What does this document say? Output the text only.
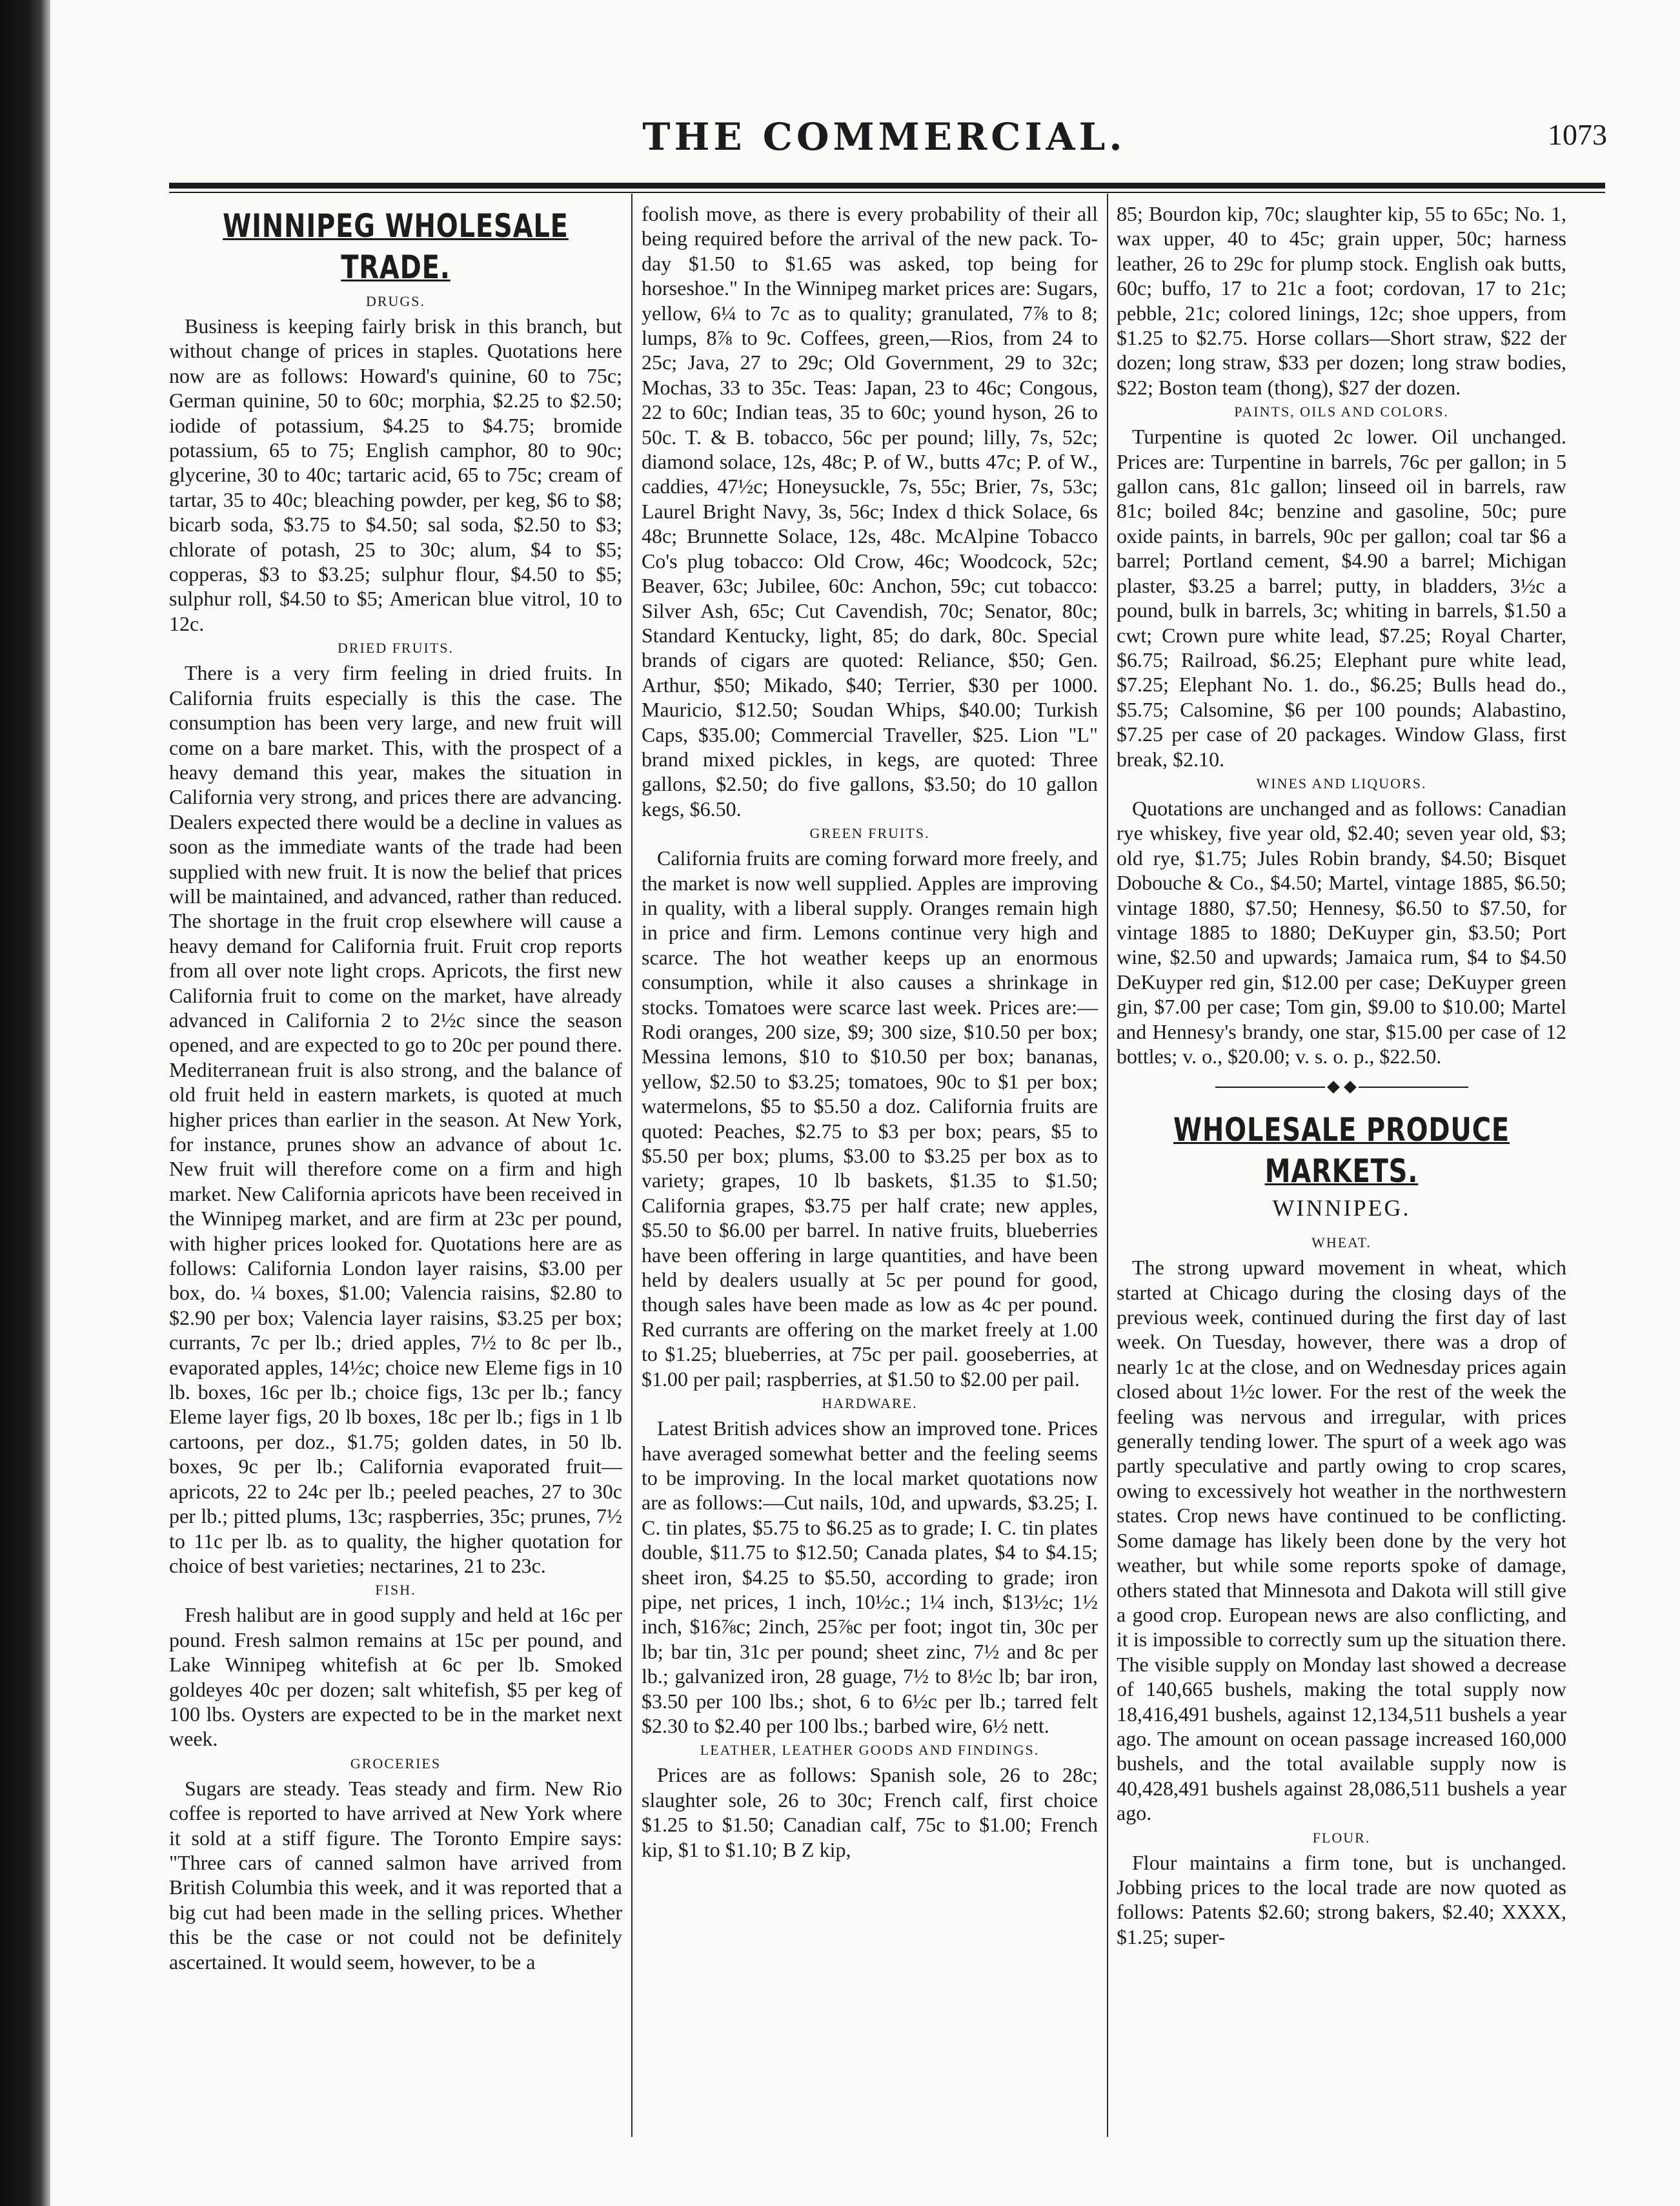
THE COMMERCIAL.	1073
WINNIPEG WHOLESALE TRADE.
DRUGS.

Business is keeping fairly brisk in this branch, but without change of prices in staples. Quotations here now are as follows: Howard's quinine, 60 to 75c; German quinine, 50 to 60c; morphia, $2.25 to $2.50; iodide of potassium, $4.25 to $4.75; bromide potassium, 65 to 75; English camphor, 80 to 90c; glycerine, 30 to 40c; tartaric acid, 65 to 75c; cream of tartar, 35 to 40c; bleaching powder, per keg, $6 to $8; bicarb soda, $3.75 to $4.50; sal soda, $2.50 to $3; chlorate of potash, 25 to 30c; alum, $4 to $5; copperas, $3 to $3.25; sulphur flour, $4.50 to $5; sulphur roll, $4.50 to $5; American blue vitrol, 10 to 12c.

DRIED FRUITS.

There is a very firm feeling in dried fruits. In California fruits especially is this the case. The consumption has been very large, and new fruit will come on a bare market. This, with the prospect of a heavy demand this year, makes the situation in California very strong, and prices there are advancing. Dealers expected there would be a decline in values as soon as the immediate wants of the trade had been supplied with new fruit. It is now the belief that prices will be maintained, and advanced, rather than reduced. The shortage in the fruit crop elsewhere will cause a heavy demand for California fruit. Fruit crop reports from all over note light crops. Apricots, the first new California fruit to come on the market, have already advanced in California 2 to 2½c since the season opened, and are expected to go to 20c per pound there. Mediterranean fruit is also strong, and the balance of old fruit held in eastern markets, is quoted at much higher prices than earlier in the season. At New York, for instance, prunes show an advance of about 1c. New fruit will therefore come on a firm and high market. New California apricots have been received in the Winnipeg market, and are firm at 23c per pound, with higher prices looked for. Quotations here are as follows: California London layer raisins, $3.00 per box, do. ¼ boxes, $1.00; Valencia raisins, $2.80 to $2.90 per box; Valencia layer raisins, $3.25 per box; currants, 7c per lb.; dried apples, 7½ to 8c per lb., evaporated apples, 14½c; choice new Eleme figs in 10 lb. boxes, 16c per lb.; choice figs, 13c per lb.; fancy Eleme layer figs, 20 lb boxes, 18c per lb.; figs in 1 lb cartoons, per doz., $1.75; golden dates, in 50 lb. boxes, 9c per lb.; California evaporated fruit—apricots, 22 to 24c per lb.; peeled peaches, 27 to 30c per lb.; pitted plums, 13c; raspberries, 35c; prunes, 7½ to 11c per lb. as to quality, the higher quotation for choice of best varieties; nectarines, 21 to 23c.

FISH.

Fresh halibut are in good supply and held at 16c per pound. Fresh salmon remains at 15c per pound, and Lake Winnipeg whitefish at 6c per lb. Smoked goldeyes 40c per dozen; salt whitefish, $5 per keg of 100 lbs. Oysters are expected to be in the market next week.

GROCERIES

Sugars are steady. Teas steady and firm. New Rio coffee is reported to have arrived at New York where it sold at a stiff figure. The Toronto Empire says: "Three cars of canned salmon have arrived from British Columbia this week, and it was reported that a big cut had been made in the selling prices. Whether this be the case or not could not be definitely ascertained. It would seem, however, to be a

foolish move, as there is every probability of their all being required before the arrival of the new pack. To-day $1.50 to $1.65 was asked, top being for horseshoe." In the Winnipeg market prices are: Sugars, yellow, 6¼ to 7c as to quality; granulated, 7⅞ to 8; lumps, 8⅞ to 9c. Coffees, green,—Rios, from 24 to 25c; Java, 27 to 29c; Old Government, 29 to 32c; Mochas, 33 to 35c. Teas: Japan, 23 to 46c; Congous, 22 to 60c; Indian teas, 35 to 60c; yound hyson, 26 to 50c. T. & B. tobacco, 56c per pound; lilly, 7s, 52c; diamond solace, 12s, 48c; P. of W., butts 47c; P. of W., caddies, 47½c; Honeysuckle, 7s, 55c; Brier, 7s, 53c; Laurel Bright Navy, 3s, 56c; Index d thick Solace, 6s 48c; Brunnette Solace, 12s, 48c. McAlpine Tobacco Co's plug tobacco: Old Crow, 46c; Woodcock, 52c; Beaver, 63c; Jubilee, 60c: Anchon, 59c; cut tobacco: Silver Ash, 65c; Cut Cavendish, 70c; Senator, 80c; Standard Kentucky, light, 85; do dark, 80c. Special brands of cigars are quoted: Reliance, $50; Gen. Arthur, $50; Mikado, $40; Terrier, $30 per 1000. Mauricio, $12.50; Soudan Whips, $40.00; Turkish Caps, $35.00; Commercial Traveller, $25. Lion "L" brand mixed pickles, in kegs, are quoted: Three gallons, $2.50; do five gallons, $3.50; do 10 gallon kegs, $6.50.

GREEN FRUITS.

California fruits are coming forward more freely, and the market is now well supplied. Apples are improving in quality, with a liberal supply. Oranges remain high in price and firm. Lemons continue very high and scarce. The hot weather keeps up an enormous consumption, while it also causes a shrinkage in stocks. Tomatoes were scarce last week. Prices are:—Rodi oranges, 200 size, $9; 300 size, $10.50 per box; Messina lemons, $10 to $10.50 per box; bananas, yellow, $2.50 to $3.25; tomatoes, 90c to $1 per box; watermelons, $5 to $5.50 a doz. California fruits are quoted: Peaches, $2.75 to $3 per box; pears, $5 to $5.50 per box; plums, $3.00 to $3.25 per box as to variety; grapes, 10 lb baskets, $1.35 to $1.50; California grapes, $3.75 per half crate; new apples, $5.50 to $6.00 per barrel. In native fruits, blueberries have been offering in large quantities, and have been held by dealers usually at 5c per pound for good, though sales have been made as low as 4c per pound. Red currants are offering on the market freely at 1.00 to $1.25; blueberries, at 75c per pail. gooseberries, at $1.00 per pail; raspberries, at $1.50 to $2.00 per pail.

HARDWARE.

Latest British advices show an improved tone. Prices have averaged somewhat better and the feeling seems to be improving. In the local market quotations now are as follows:—Cut nails, 10d, and upwards, $3.25; I. C. tin plates, $5.75 to $6.25 as to grade; I. C. tin plates double, $11.75 to $12.50; Canada plates, $4 to $4.15; sheet iron, $4.25 to $5.50, according to grade; iron pipe, net prices, 1 inch, 10½c.; 1¼ inch, $13½c; 1½ inch, $16⅞c; 2inch, 25⅞c per foot; ingot tin, 30c per lb; bar tin, 31c per pound; sheet zinc, 7½ and 8c per lb.; galvanized iron, 28 guage, 7½ to 8½c lb; bar iron, $3.50 per 100 lbs.; shot, 6 to 6½c per lb.; tarred felt $2.30 to $2.40 per 100 lbs.; barbed wire, 6½ nett.

LEATHER, LEATHER GOODS AND FINDINGS.

Prices are as follows: Spanish sole, 26 to 28c; slaughter sole, 26 to 30c; French calf, first choice $1.25 to $1.50; Canadian calf, 75c to $1.00; French kip, $1 to $1.10; B Z kip,

85; Bourdon kip, 70c; slaughter kip, 55 to 65c; No. 1, wax upper, 40 to 45c; grain upper, 50c; harness leather, 26 to 29c for plump stock. English oak butts, 60c; buffo, 17 to 21c a foot; cordovan, 17 to 21c; pebble, 21c; colored linings, 12c; shoe uppers, from $1.25 to $2.75. Horse collars—Short straw, $22 der dozen; long straw, $33 per dozen; long straw bodies, $22; Boston team (thong), $27 der dozen.

PAINTS, OILS AND COLORS.

Turpentine is quoted 2c lower. Oil unchanged. Prices are: Turpentine in barrels, 76c per gallon; in 5 gallon cans, 81c gallon; linseed oil in barrels, raw 81c; boiled 84c; benzine and gasoline, 50c; pure oxide paints, in barrels, 90c per gallon; coal tar $6 a barrel; Portland cement, $4.90 a barrel; Michigan plaster, $3.25 a barrel; putty, in bladders, 3½c a pound, bulk in barrels, 3c; whiting in barrels, $1.50 a cwt; Crown pure white lead, $7.25; Royal Charter, $6.75; Railroad, $6.25; Elephant pure white lead, $7.25; Elephant No. 1. do., $6.25; Bulls head do., $5.75; Calsomine, $6 per 100 pounds; Alabastino, $7.25 per case of 20 packages. Window Glass, first break, $2.10.

WINES AND LIQUORS.

Quotations are unchanged and as follows: Canadian rye whiskey, five year old, $2.40; seven year old, $3; old rye, $1.75; Jules Robin brandy, $4.50; Bisquet Dobouche & Co., $4.50; Martel, vintage 1885, $6.50; vintage 1880, $7.50; Hennesy, $6.50 to $7.50, for vintage 1885 to 1880; DeKuyper gin, $3.50; Port wine, $2.50 and upwards; Jamaica rum, $4 to $4.50 DeKuyper red gin, $12.00 per case; DeKuyper green gin, $7.00 per case; Tom gin, $9.00 to $10.00; Martel and Hennesy's brandy, one star, $15.00 per case of 12 bottles; v. o., $20.00; v. s. o. p., $22.50.

WHOLESALE PRODUCE MARKETS.
WINNIPEG.
WHEAT.

The strong upward movement in wheat, which started at Chicago during the closing days of the previous week, continued during the first day of last week. On Tuesday, however, there was a drop of nearly 1c at the close, and on Wednesday prices again closed about 1½c lower. For the rest of the week the feeling was nervous and irregular, with prices generally tending lower. The spurt of a week ago was partly speculative and partly owing to crop scares, owing to excessively hot weather in the northwestern states. Crop news have continued to be conflicting. Some damage has likely been done by the very hot weather, but while some reports spoke of damage, others stated that Minnesota and Dakota will still give a good crop. European news are also conflicting, and it is impossible to correctly sum up the situation there. The visible supply on Monday last showed a decrease of 140,665 bushels, making the total supply now 18,416,491 bushels, against 12,134,511 bushels a year ago. The amount on ocean passage increased 160,000 bushels, and the total available supply now is 40,428,491 bushels against 28,086,511 bushels a year ago.

FLOUR.

Flour maintains a firm tone, but is unchanged. Jobbing prices to the local trade are now quoted as follows: Patents $2.60; strong bakers, $2.40; XXXX, $1.25; super-
